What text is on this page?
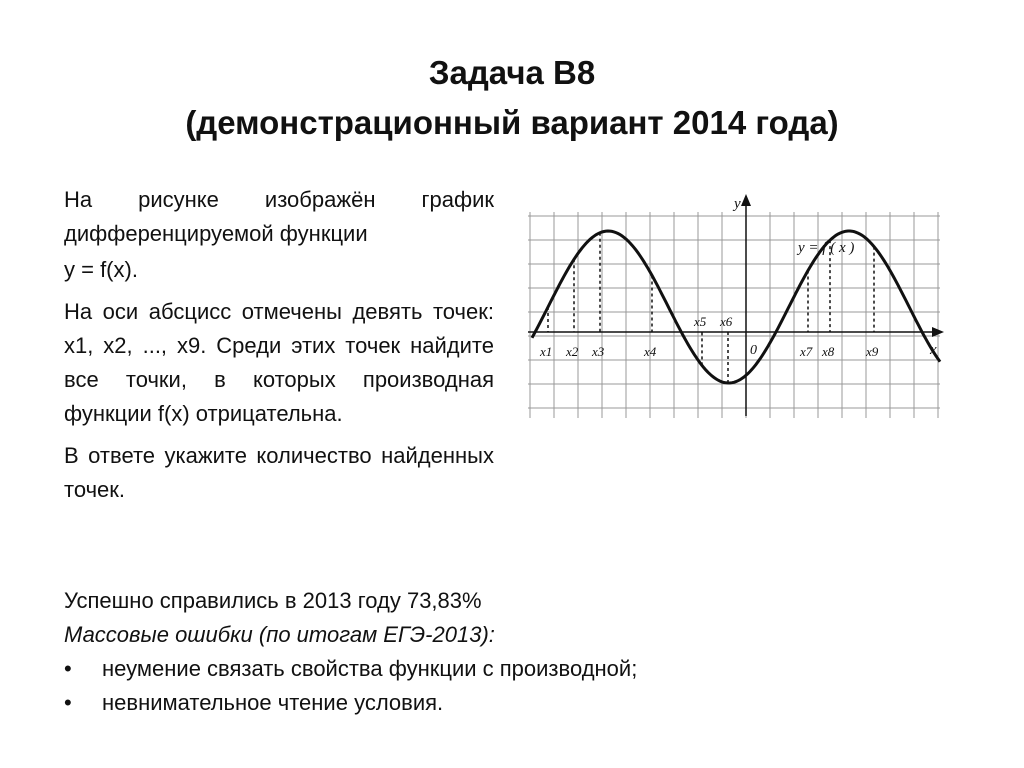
Задача B8
(демонстрационный вариант 2014 года)

На рисунке изображён график дифференцируемой функции

y = f(x).

На оси абсцисс отмечены девять точек: x1, x2, ..., x9. Среди этих точек найдите все точки, в которых производная функции f(x) отрицательна.

В ответе укажите количество найденных точек.

x1 x2 x3	x4
x5 x6
x7 x8 x9
y
x
0
y = f ( x )
Успешно справились в 2013 году 73,83%
Массовые ошибки (по итогам ЕГЭ-2013):
•	неумение связать свойства функции с производной;
•	невнимательное чтение условия.
